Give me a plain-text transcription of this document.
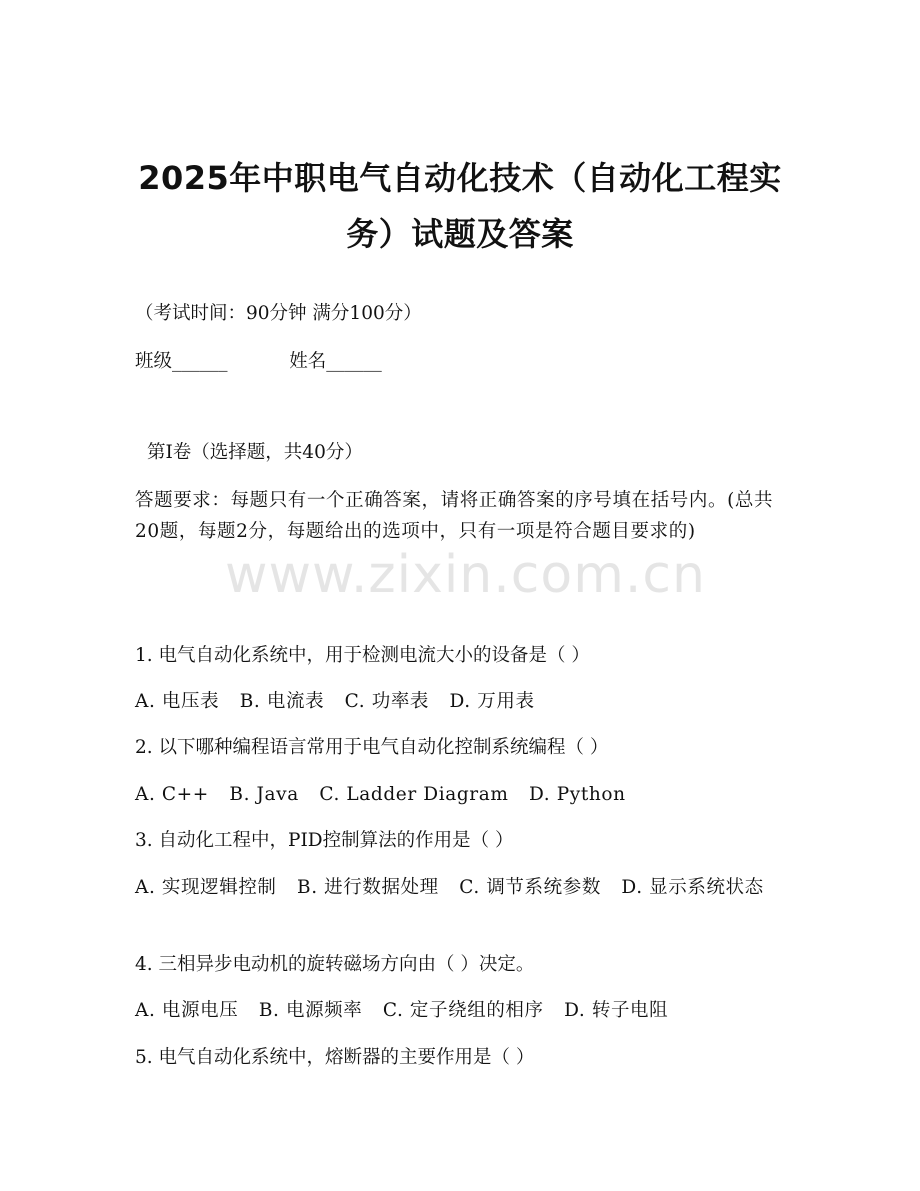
2025年中职电气自动化技术（自动化工程实务）试题及答案
（考试时间：90分钟 满分100分）
班级______	姓名______
第I卷（选择题，共40分）
答题要求：每题只有一个正确答案，请将正确答案的序号填在括号内。(总共20题，每题2分，每题给出的选项中，只有一项是符合题目要求的)
www.zixin.com.cn
1. 电气自动化系统中，用于检测电流大小的设备是（ ）
A. 电压表 B. 电流表 C. 功率表 D. 万用表
2. 以下哪种编程语言常用于电气自动化控制系统编程（ ）
A. C++ B. Java C. Ladder Diagram D. Python
3. 自动化工程中，PID控制算法的作用是（ ）
A. 实现逻辑控制 B. 进行数据处理 C. 调节系统参数 D. 显示系统状态
4. 三相异步电动机的旋转磁场方向由（ ）决定。
A. 电源电压 B. 电源频率 C. 定子绕组的相序 D. 转子电阻
5. 电气自动化系统中，熔断器的主要作用是（ ）
